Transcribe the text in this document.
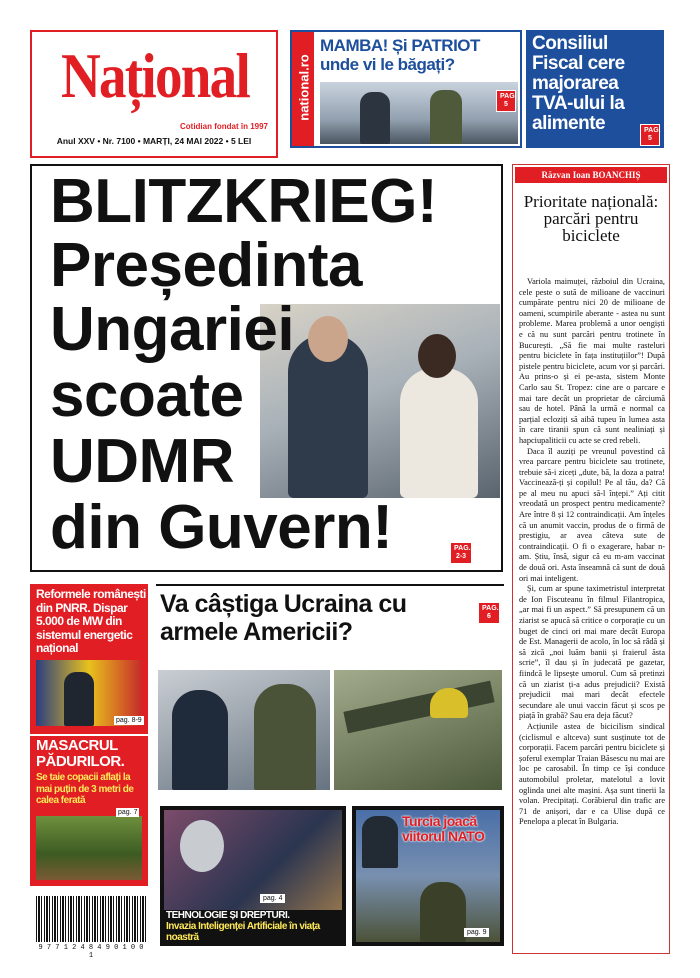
Național
Cotidian fondat în 1997
Anul XXV • Nr. 7100 • MARȚI, 24 MAI 2022 • 5 LEI
national.ro
MAMBA! Și PATRIOT unde vi le băgați?
PAG. 5
Consiliul Fiscal cere majorarea TVA-ului la alimente	PAG. 5
BLITZKRIEG!
Președinta
Ungariei
scoate
UDMR
din Guvern!	PAG. 2-3
Răzvan Ioan BOANCHIȘ
Prioritate națională: parcări pentru biciclete

Variola maimuței, războiul din Ucraina, cele peste o sută de milioane de vaccinuri cumpărate pentru nici 20 de milioane de oameni, scumpirile aberante - astea nu sunt probleme. Marea problemă a unor oengiști e că nu sunt parcări pentru trotinete în București. „Să fie mai multe rasteluri pentru biciclete în fața instituțiilor”! După pistele pentru biciclete, acum vor și parcări. Au prins-o și ei pe-asta, sistem Monte Carlo sau St. Tropez: cine are o parcare e mai tare decât un proprietar de cârciumă sau de hotel. Până la urmă e normal ca parțial ecloziți să aibă tupeu în lumea asta în care tiranii spun că sunt nealiniați și hapciupaliticii cu acte se cred rebeli.

Daca îl auziți pe vreunul povestind că vrea parcare pentru biciclete sau trotinete, trebuie să-i ziceți „dute, bă, la doza a patra! Vaccinează-ți și copilul! Pe al tău, da? Că pe al meu nu apuci să-l înțepi.” Ați citit vreodată un prospect pentru medicamente? Are între 8 și 12 contraindicații. Am înțeles că un anumit vaccin, produs de o firmă de prestigiu, ar avea câteva sute de contraindicații. O fi o exagerare, habar n-am. Știu, însă, sigur că eu m-am vaccinat de două ori. Asta înseamnă că sunt de două ori mai inteligent.

Și, cum ar spune taximetristul interpretat de Ion Fiscuteanu în filmul Filantropica, „ar mai fi un aspect.” Să presupunem că un ziarist se apucă să critice o corporație cu un buget de cinci ori mai mare decât Europa de Est. Managerii de acolo, în loc să râdă și să zică „noi luăm banii și fraierul ăsta scrie”, îl dau și în judecată pe gazetar, fiindcă le lipsește umorul. Cum să pretinzi că un ziarist ți-a adus prejudicii? Există prejudicii mai mari decât efectele secundare ale unui vaccin făcut și scos pe piață în grabă? Sau era deja făcut?

Acțiunile astea de bicicilism sindical (ciclismul e altceva) sunt susținute tot de corporații. Facem parcări pentru biciclete și șoferul exemplar Traian Băsescu nu mai are loc pe carosabil. În timp ce își conduce automobilul proletar, matelotul a lovit oglinda unei alte mașini. Așa sunt tinerii la volan. Precipitați. Corăbierul din trafic are 71 de anișori, dar e ca Ulise după ce Penelopa a plecat în Bulgaria.

Reformele românești din PNRR. Dispar 5.000 de MW din sistemul energetic național
pag. 8-9
MASACRUL PĂDURILOR.
Se taie copacii aflați la mai puțin de 3 metri de calea ferată
pag. 7
Va câștiga Ucraina cu armele Americii?
PAG. 6
pag. 4
TEHNOLOGIE ȘI DREPTURI.
Invazia Inteligenței Artificiale în viața noastră
Turcia joacă viitorul NATO
pag. 9
9 7 7 1 2 4 8 4 9 0 1 0 0 1
